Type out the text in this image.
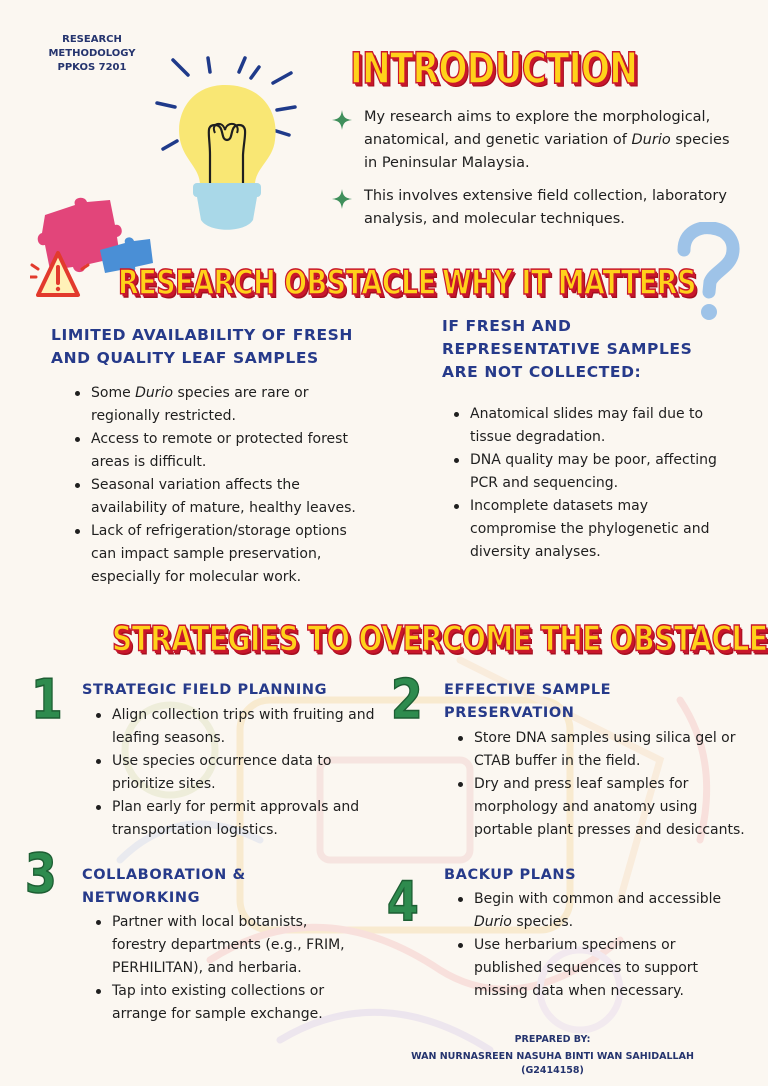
RESEARCH METHODOLOGY
PPKOS 7201	INTRODUCTION
My research aims to explore the morphological, anatomical, and genetic variation of Durio species in Peninsular Malaysia.
This involves extensive field collection, laboratory analysis, and molecular techniques.
RESEARCH OBSTACLE
LIMITED AVAILABILITY OF FRESH AND QUALITY LEAF SAMPLES
Some Durio species are rare or regionally restricted.
Access to remote or protected forest areas is difficult.
Seasonal variation affects the availability of mature, healthy leaves.
Lack of refrigeration/storage options can impact sample preservation, especially for molecular work.
WHY IT MATTERS
IF FRESH AND REPRESENTATIVE SAMPLES ARE NOT COLLECTED:
Anatomical slides may fail due to tissue degradation.
DNA quality may be poor, affecting PCR and sequencing.
Incomplete datasets may compromise the phylogenetic and diversity analyses.
STRATEGIES TO OVERCOME THE OBSTACLE
1 STRATEGIC FIELD PLANNING
Align collection trips with fruiting and leafing seasons.
Use species occurrence data to prioritize sites.
Plan early for permit approvals and transportation logistics.
2 EFFECTIVE SAMPLE PRESERVATION
Store DNA samples using silica gel or CTAB buffer in the field.
Dry and press leaf samples for morphology and anatomy using portable plant presses and desiccants.
3 COLLABORATION & NETWORKING
Partner with local botanists, forestry departments (e.g., FRIM, PERHILITAN), and herbaria.
Tap into existing collections or arrange for sample exchange.
4 BACKUP PLANS
Begin with common and accessible Durio species.
Use herbarium specimens or published sequences to support missing data when necessary.
PREPARED BY:
WAN NURNASREEN NASUHA BINTI WAN SAHIDALLAH (G2414158)
